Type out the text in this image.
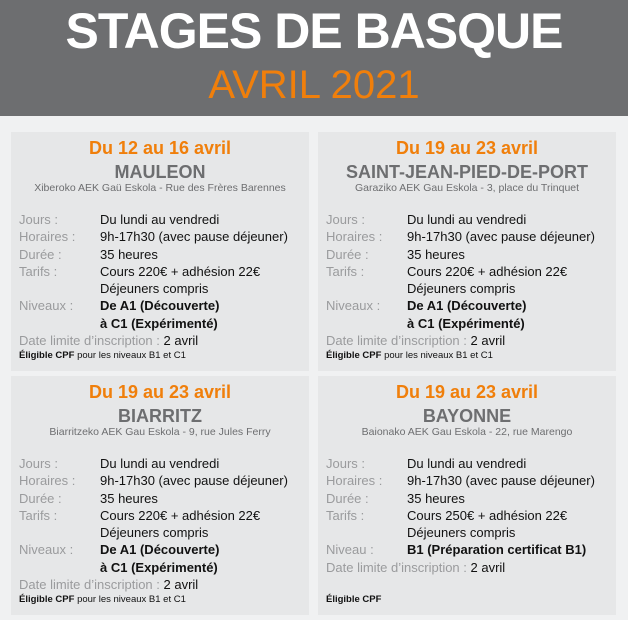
STAGES DE BASQUE
AVRIL 2021
Du 12 au 16 avril
MAULEON
Xiberoko AEK Gaü Eskola - Rue des Frères Barennes
Jours :	Du lundi au vendredi
Horaires :	9h-17h30 (avec pause déjeuner)
Durée :	35 heures
Tarifs :	Cours 220€ + adhésion 22€
Déjeuners compris
Niveaux :	De A1 (Découverte)
à C1 (Expérimenté)
Date limite d’inscription : 2 avril
Éligible CPF pour les niveaux B1 et C1
Du 19 au 23 avril
SAINT-JEAN-PIED-DE-PORT
Garaziko AEK Gau Eskola - 3, place du Trinquet
Jours :	Du lundi au vendredi
Horaires :	9h-17h30 (avec pause déjeuner)
Durée :	35 heures
Tarifs :	Cours 220€ + adhésion 22€
Déjeuners compris
Niveaux :	De A1 (Découverte)
à C1 (Expérimenté)
Date limite d’inscription : 2 avril
Éligible CPF pour les niveaux B1 et C1
Du 19 au 23 avril
BIARRITZ
Biarritzeko AEK Gau Eskola - 9, rue Jules Ferry
Jours :	Du lundi au vendredi
Horaires :	9h-17h30 (avec pause déjeuner)
Durée :	35 heures
Tarifs :	Cours 220€ + adhésion 22€
Déjeuners compris
Niveaux :	De A1 (Découverte)
à C1 (Expérimenté)
Date limite d’inscription : 2 avril
Éligible CPF pour les niveaux B1 et C1
Du 19 au 23 avril
BAYONNE
Baionako AEK Gau Eskola - 22, rue Marengo
Jours :	Du lundi au vendredi
Horaires :	9h-17h30 (avec pause déjeuner)
Durée :	35 heures
Tarifs :	Cours 250€ + adhésion 22€
Déjeuners compris
Niveau :	B1 (Préparation certificat B1)
Date limite d’inscription : 2 avril
Éligible CPF
